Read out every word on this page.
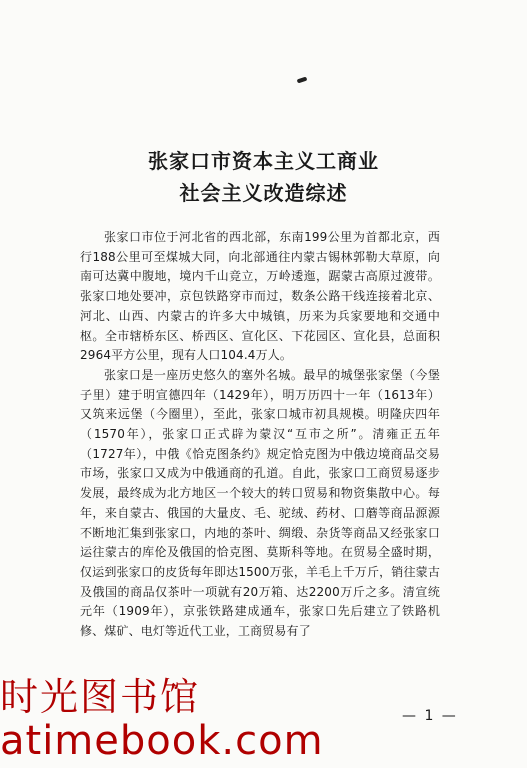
张家口市资本主义工商业
社会主义改造综述

张家口市位于河北省的西北部，东南199公里为首都北京，西行188公里可至煤城大同，向北部通往内蒙古锡林郭勒大草原，向南可达冀中腹地，境内千山竞立，万岭逶迤，踞蒙古高原过渡带。张家口地处要冲，京包铁路穿市而过，数条公路干线连接着北京、河北、山西、内蒙古的许多大中城镇，历来为兵家要地和交通中枢。全市辖桥东区、桥西区、宣化区、下花园区、宣化县，总面积2964平方公里，现有人口104.4万人。

张家口是一座历史悠久的塞外名城。最早的城堡张家堡（今堡子里）建于明宣德四年（1429年），明万历四十一年（1613年）又筑来远堡（今圈里），至此，张家口城市初具规模。明隆庆四年（1570年），张家口正式辟为蒙汉“互市之所”。清雍正五年（1727年），中俄《恰克图条约》规定恰克图为中俄边境商品交易市场，张家口又成为中俄通商的孔道。自此，张家口工商贸易逐步发展，最终成为北方地区一个较大的转口贸易和物资集散中心。每年，来自蒙古、俄国的大量皮、毛、驼绒、药材、口蘑等商品源源不断地汇集到张家口，内地的茶叶、绸缎、杂货等商品又经张家口运往蒙古的库伦及俄国的恰克图、莫斯科等地。在贸易全盛时期，仅运到张家口的皮货每年即达1500万张，羊毛上千万斤，销往蒙古及俄国的商品仅茶叶一项就有20万箱、达2200万斤之多。清宣统元年（1909年），京张铁路建成通车，张家口先后建立了铁路机修、煤矿、电灯等近代工业，工商贸易有了

— 1 —
时光图书馆
atimebook.com
